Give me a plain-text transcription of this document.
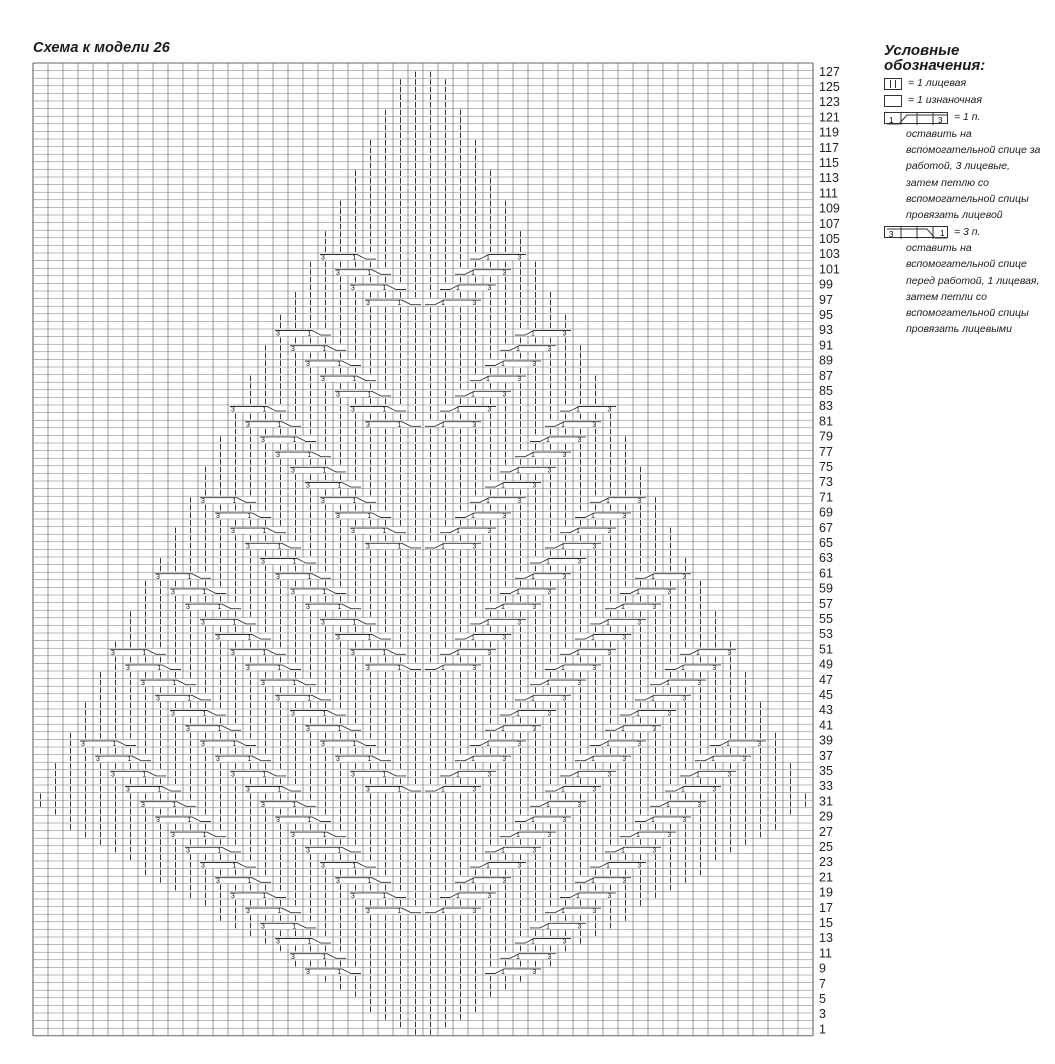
Схема к модели 26
127
125
123
121
119
117
115
113
111
109
107
105
103
101
99
97
95
93
91
89
87
85
83
81
79
77
75
73
71
69
67
65
63
61
59
57
55
53
51
49
47
45
43
41
39
37
35
33
31
29
27
25
23
21
19
17
15
13
11
9
7
5
3
1
3	1	1	3
3	1	1	3
3	1	1	3
3	1	1	3
3	1
3	1	1	3	1	3
3	1
3	1	1	3	1	3
3	1
3	1	1	3	1	3
3	1
3	1	1	3	1	3
3	1
3	1	1	3	1	3
3	1
3	1	1	3	1	3
3	1
3	1	1	3	1	3
3	1
3	1	1	3	1	3
3	1
3	1
3	1	1	3	1	3	1	3
3	1
3	1
3	1	1	3	1	3	1	3
3	1
3	1
3	1	1	3	1	3	1	3
3	1
3	1
3	1	1	3	1	3	1	3
3	1
3	1	1	3	1	3
3	1
3	1	1	3	1	3
3	1
3	1	1	3	1	3
3	1
3	1	1	3	1	3
3	1
3	1
3	1	1	3	1	3	1	3
3	1
3	1
3	1	1	3	1	3	1	3
3	1
3	1	1	3	1	3
3	1
3	1	1	3	1	3
3	1
3	1	1	3	1	3
3	1
3	1	1	3	1	3
3	1
3	1	1	3	1	3
3	1	1	3
3	1
3	1	1	3	1	3
3	1
3	1	1	3	1	3
3	1
3	1	1	3	1	3
3	1
3	1	1	3	1	3
3	1	1	3
3	1	1	3
3	1	1	3
3	1	1	3
3	1
3	1	1	3	1	3
3	1
3	1	1	3	1	3
3	1	1	3
3	1	1	3
3	1	1	3
3	1	1	3
3	1	1	3
3	1	1	3
3	1	1	3
3	1	1	3
3	1	1	3
Условные обозначения:
= 1 лицевая
= 1 изнаночная
1	3 = 1 п.
оставить на вспомогательной спице за работой, 3 лицевые, затем петлю со вспомогательной спицы провязать лицевой
3	1 = 3 п.
оставить на вспомогательной спице перед работой, 1 лицевая, затем петли со вспомогательной спицы провязать лицевыми
